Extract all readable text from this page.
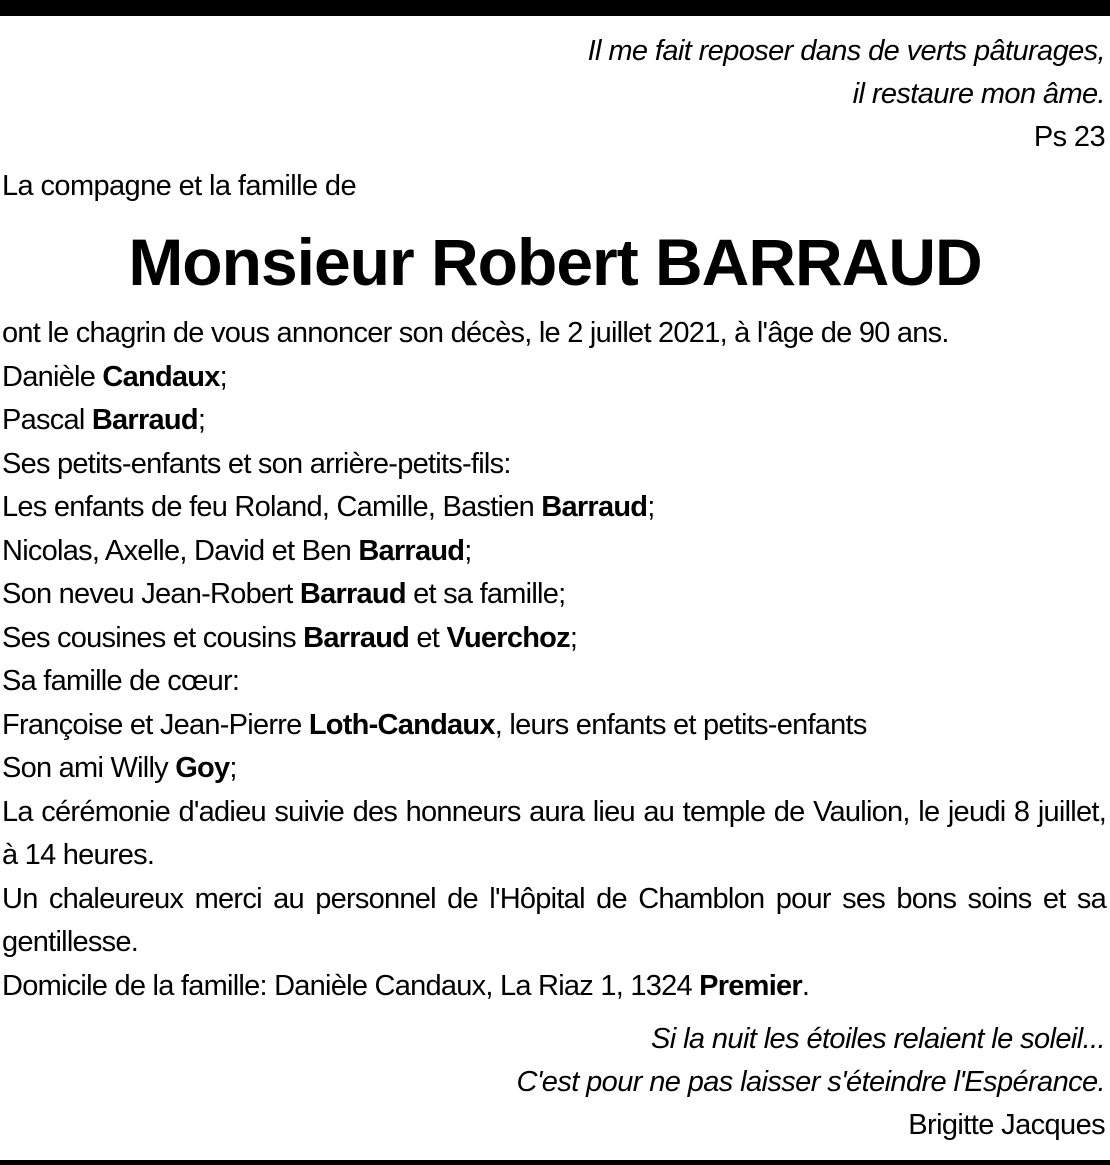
Il me fait reposer dans de verts pâturages,
il restaure mon âme.
Ps 23
La compagne et la famille de
Monsieur Robert BARRAUD
ont le chagrin de vous annoncer son décès, le 2 juillet 2021, à l'âge de 90 ans.
Danièle Candaux;
Pascal Barraud;
Ses petits-enfants et son arrière-petits-fils:
Les enfants de feu Roland, Camille, Bastien Barraud;
Nicolas, Axelle, David et Ben Barraud;
Son neveu Jean-Robert Barraud et sa famille;
Ses cousines et cousins Barraud et Vuerchoz;
Sa famille de cœur:
Françoise et Jean-Pierre Loth-Candaux, leurs enfants et petits-enfants
Son ami Willy Goy;
La cérémonie d'adieu suivie des honneurs aura lieu au temple de Vaulion, le jeudi 8 juillet, à 14 heures.
Un chaleureux merci au personnel de l'Hôpital de Chamblon pour ses bons soins et sa gentillesse.
Domicile de la famille: Danièle Candaux, La Riaz 1, 1324 Premier.
Si la nuit les étoiles relaient le soleil...
C'est pour ne pas laisser s'éteindre l'Espérance.
Brigitte Jacques
